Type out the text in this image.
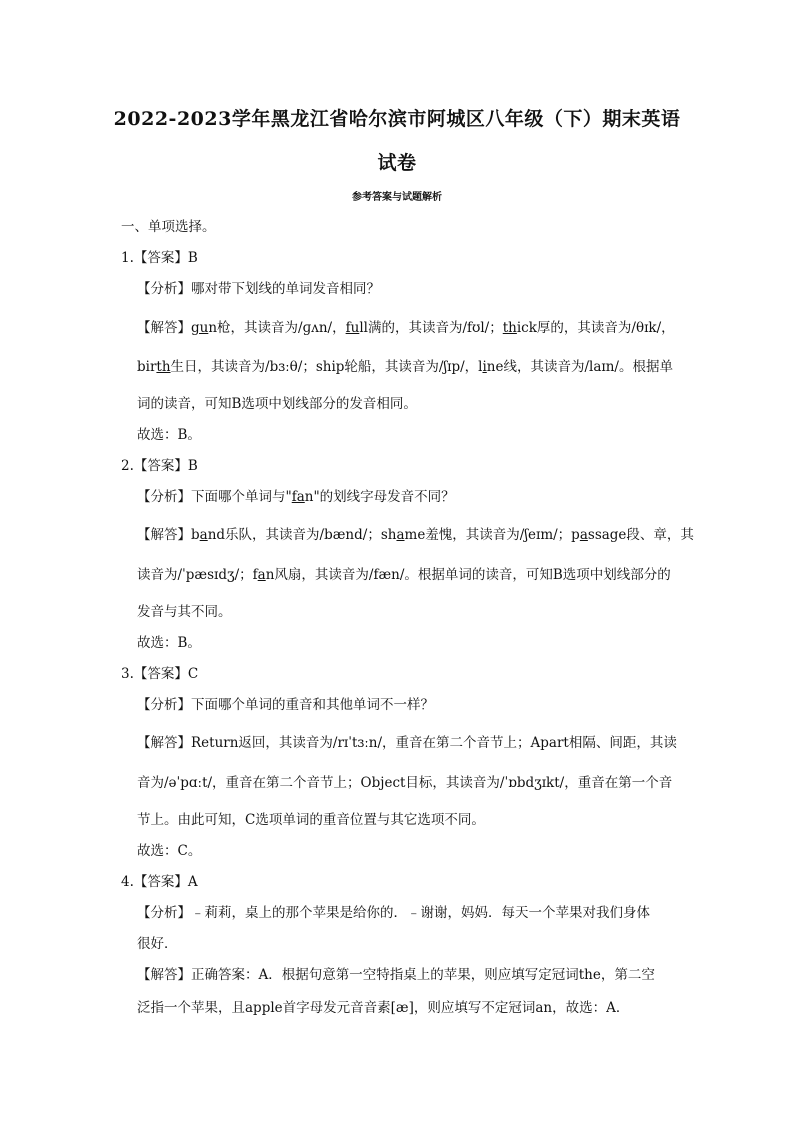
2022-2023学年黑龙江省哈尔滨市阿城区八年级（下）期末英语
试卷
参考答案与试题解析
一、单项选择。
1.【答案】B
【分析】哪对带下划线的单词发音相同？
【解答】gun枪，其读音为/ɡʌn/，full满的，其读音为/fʊl/；thick厚的，其读音为/θɪk/，
birth生日，其读音为/bɜːθ/；ship轮船，其读音为/ʃɪp/，line线，其读音为/laɪn/。根据单
词的读音，可知B选项中划线部分的发音相同。
故选：B。
2.【答案】B
【分析】下面哪个单词与"fan"的划线字母发音不同？
【解答】band乐队，其读音为/bænd/；shame羞愧，其读音为/ʃeɪm/；passage段、章，其
读音为/ˈpæsɪdʒ/；fan风扇，其读音为/fæn/。根据单词的读音，可知B选项中划线部分的
发音与其不同。
故选：B。
3.【答案】C
【分析】下面哪个单词的重音和其他单词不一样？
【解答】Return返回，其读音为/rɪˈtɜːn/，重音在第二个音节上；Apart相隔、间距，其读
音为/əˈpɑːt/，重音在第二个音节上；Object目标，其读音为/ˈɒbdʒɪkt/，重音在第一个音
节上。由此可知，C选项单词的重音位置与其它选项不同。
故选：C。
4.【答案】A
【分析】﹣莉莉，桌上的那个苹果是给你的．﹣谢谢，妈妈．每天一个苹果对我们身体
很好．
【解答】正确答案：A．根据句意第一空特指桌上的苹果，则应填写定冠词the，第二空
泛指一个苹果，且apple首字母发元音音素[æ]，则应填写不定冠词an，故选：A．
